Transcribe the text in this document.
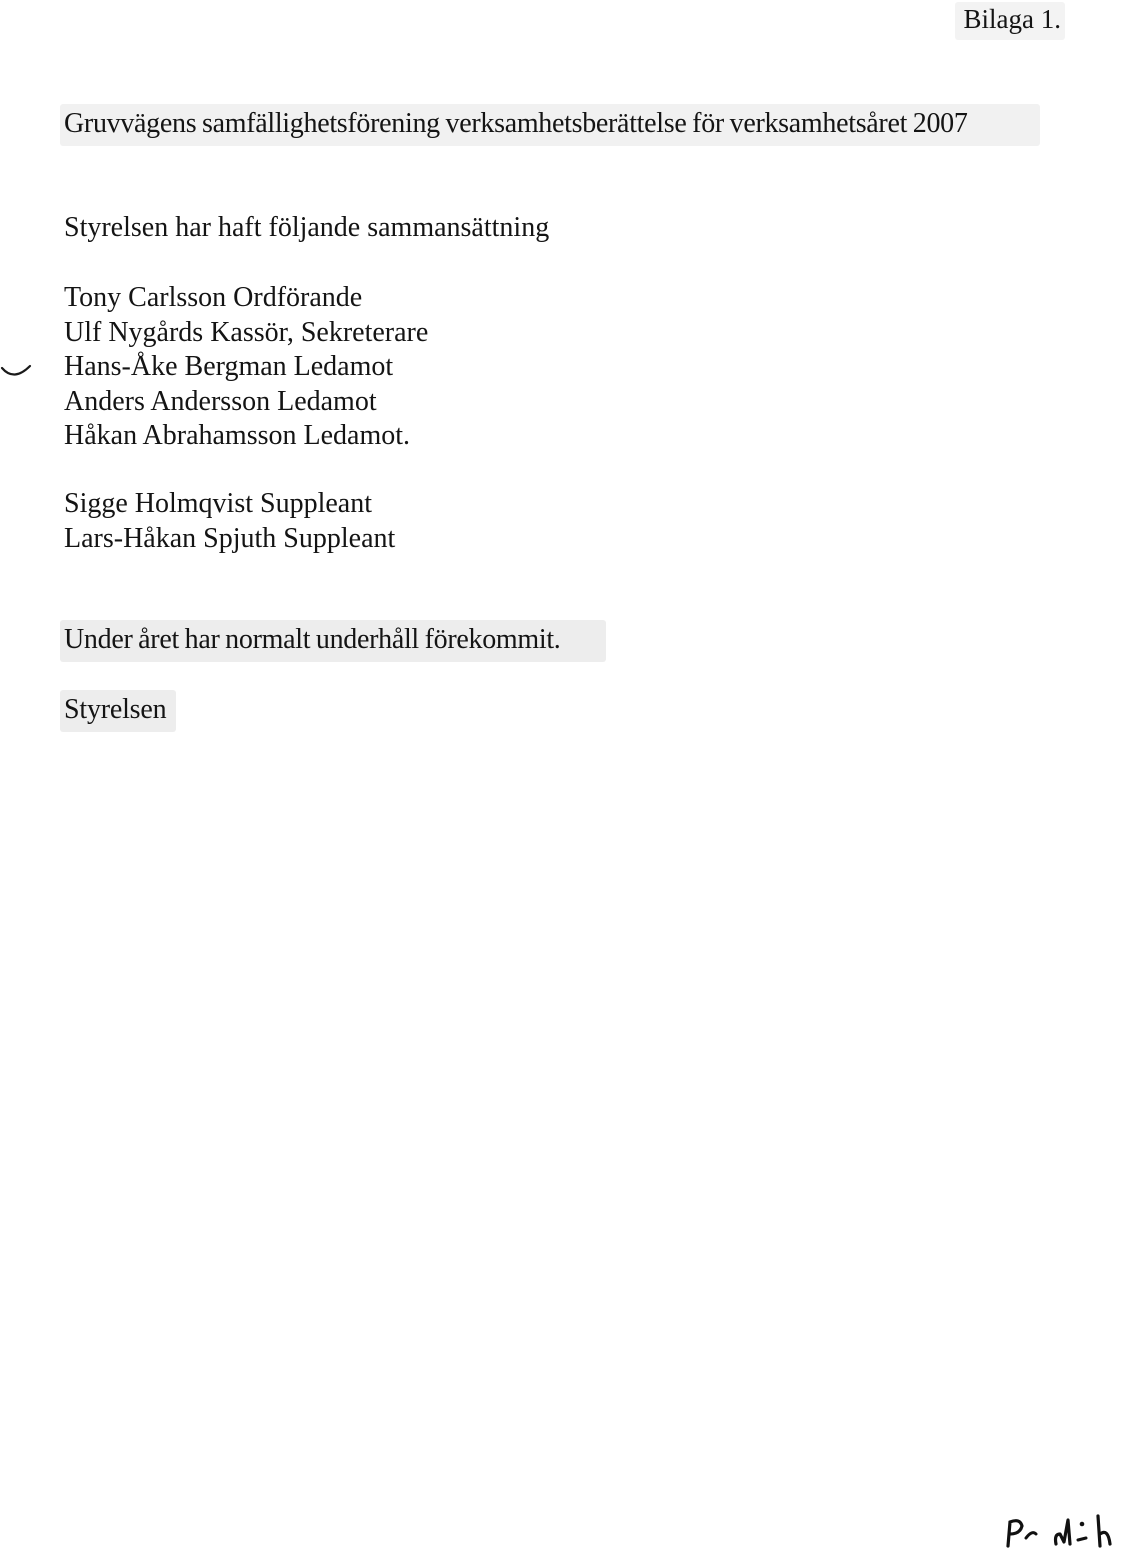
Bilaga 1.
Gruvvägens samfällighetsförening verksamhetsberättelse för verksamhetsåret 2007
Styrelsen har haft följande sammansättning
Tony Carlsson Ordförande
Ulf Nygårds Kassör, Sekreterare
Hans-Åke Bergman Ledamot
Anders Andersson Ledamot
Håkan Abrahamsson Ledamot.
Sigge Holmqvist Suppleant
Lars-Håkan Spjuth Suppleant
Under året har normalt underhåll förekommit.
Styrelsen
